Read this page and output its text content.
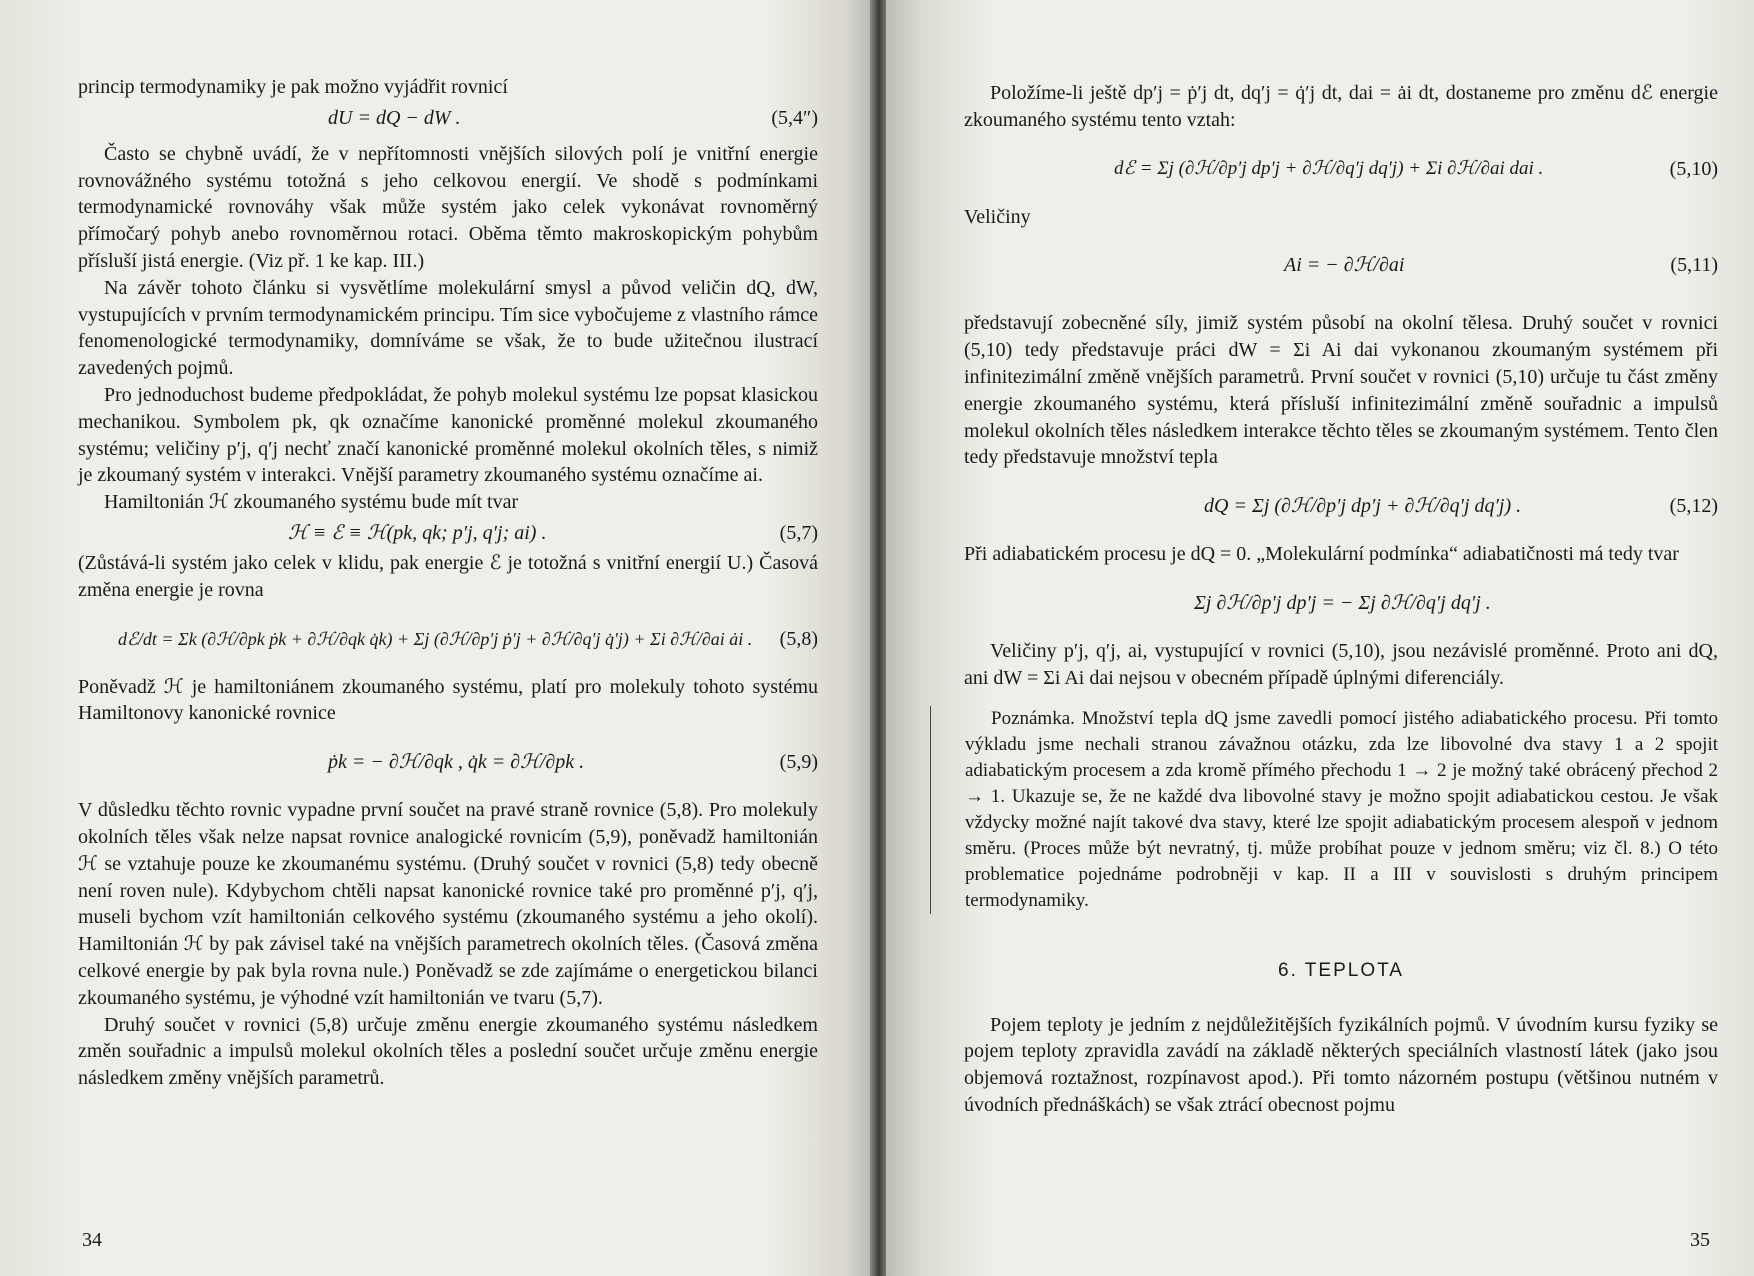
princip termodynamiky je pak možno vyjádřit rovnicí

dU = dQ − dW .	(5,4″)

Často se chybně uvádí, že v nepřítomnosti vnějších silových polí je vnitřní energie rovnovážného systému totožná s jeho celkovou energií. Ve shodě s podmínkami termodynamické rovnováhy však může systém jako celek vykonávat rovnoměrný přímočarý pohyb anebo rovnoměrnou rotaci. Oběma těmto makroskopickým pohybům přísluší jistá energie. (Viz př. 1 ke kap. III.)

Na závěr tohoto článku si vysvětlíme molekulární smysl a původ veličin dQ, dW, vystupujících v prvním termodynamickém principu. Tím sice vybočujeme z vlastního rámce fenomenologické termodynamiky, domníváme se však, že to bude užitečnou ilustrací zavedených pojmů.

Pro jednoduchost budeme předpokládat, že pohyb molekul systému lze popsat klasickou mechanikou. Symbolem pk, qk označíme kanonické proměnné molekul zkoumaného systému; veličiny p′j, q′j nechť značí kanonické proměnné molekul okolních těles, s nimiž je zkoumaný systém v interakci. Vnější parametry zkoumaného systému označíme ai.

Hamiltonián ℋ zkoumaného systému bude mít tvar

ℋ ≡ ℰ ≡ ℋ(pk, qk; p′j, q′j; ai) .	(5,7)

(Zůstává-li systém jako celek v klidu, pak energie ℰ je totožná s vnitřní energií U.) Časová změna energie je rovna

dℰ/dt = Σk (∂ℋ/∂pk ṗk + ∂ℋ/∂qk q̇k) + Σj (∂ℋ/∂p′j ṗ′j + ∂ℋ/∂q′j q̇′j) + Σi ∂ℋ/∂ai ȧi . (5,8)

Poněvadž ℋ je hamiltoniánem zkoumaného systému, platí pro molekuly tohoto systému Hamiltonovy kanonické rovnice

ṗk = − ∂ℋ/∂qk , q̇k = ∂ℋ/∂pk .	(5,9)

V důsledku těchto rovnic vypadne první součet na pravé straně rovnice (5,8). Pro molekuly okolních těles však nelze napsat rovnice analogické rovnicím (5,9), poněvadž hamiltonián ℋ se vztahuje pouze ke zkoumanému systému. (Druhý součet v rovnici (5,8) tedy obecně není roven nule). Kdybychom chtěli napsat kanonické rovnice také pro proměnné p′j, q′j, museli bychom vzít hamiltonián celkového systému (zkoumaného systému a jeho okolí). Hamiltonián ℋ by pak závisel také na vnějších parametrech okolních těles. (Časová změna celkové energie by pak byla rovna nule.) Poněvadž se zde zajímáme o energetickou bilanci zkoumaného systému, je výhodné vzít hamiltonián ve tvaru (5,7).

Druhý součet v rovnici (5,8) určuje změnu energie zkoumaného systému následkem změn souřadnic a impulsů molekul okolních těles a poslední součet určuje změnu energie následkem změny vnějších parametrů.

34

Položíme-li ještě dp′j = ṗ′j dt, dq′j = q̇′j dt, dai = ȧi dt, dostaneme pro změnu dℰ energie zkoumaného systému tento vztah:

dℰ = Σj (∂ℋ/∂p′j dp′j + ∂ℋ/∂q′j dq′j) + Σi ∂ℋ/∂ai dai .	(5,10)

Veličiny

Ai = − ∂ℋ/∂ai	(5,11)

představují zobecněné síly, jimiž systém působí na okolní tělesa. Druhý součet v rovnici (5,10) tedy představuje práci dW = Σi Ai dai vykonanou zkoumaným systémem při infinitezimální změně vnějších parametrů. První součet v rovnici (5,10) určuje tu část změny energie zkoumaného systému, která přísluší infinitezimální změně souřadnic a impulsů molekul okolních těles následkem interakce těchto těles se zkoumaným systémem. Tento člen tedy představuje množství tepla

dQ = Σj (∂ℋ/∂p′j dp′j + ∂ℋ/∂q′j dq′j) .	(5,12)

Při adiabatickém procesu je dQ = 0. „Molekulární podmínka“ adiabatičnosti má tedy tvar

Σj ∂ℋ/∂p′j dp′j = − Σj ∂ℋ/∂q′j dq′j .

Veličiny p′j, q′j, ai, vystupující v rovnici (5,10), jsou nezávislé proměnné. Proto ani dQ, ani dW = Σi Ai dai nejsou v obecném případě úplnými diferenciály.

Poznámka. Množství tepla dQ jsme zavedli pomocí jistého adiabatického procesu. Při tomto výkladu jsme nechali stranou závažnou otázku, zda lze libovolné dva stavy 1 a 2 spojit adiabatickým procesem a zda kromě přímého přechodu 1 → 2 je možný také obrácený přechod 2 → 1. Ukazuje se, že ne každé dva libovolné stavy je možno spojit adiabatickou cestou. Je však vždycky možné najít takové dva stavy, které lze spojit adiabatickým procesem alespoň v jednom směru. (Proces může být nevratný, tj. může probíhat pouze v jednom směru; viz čl. 8.) O této problematice pojednáme podrobněji v kap. II a III v souvislosti s druhým principem termodynamiky.

6. TEPLOTA

Pojem teploty je jedním z nejdůležitějších fyzikálních pojmů. V úvodním kursu fyziky se pojem teploty zpravidla zavádí na základě některých speciálních vlastností látek (jako jsou objemová roztažnost, rozpínavost apod.). Při tomto názorném postupu (většinou nutném v úvodních přednáškách) se však ztrácí obecnost pojmu

35
